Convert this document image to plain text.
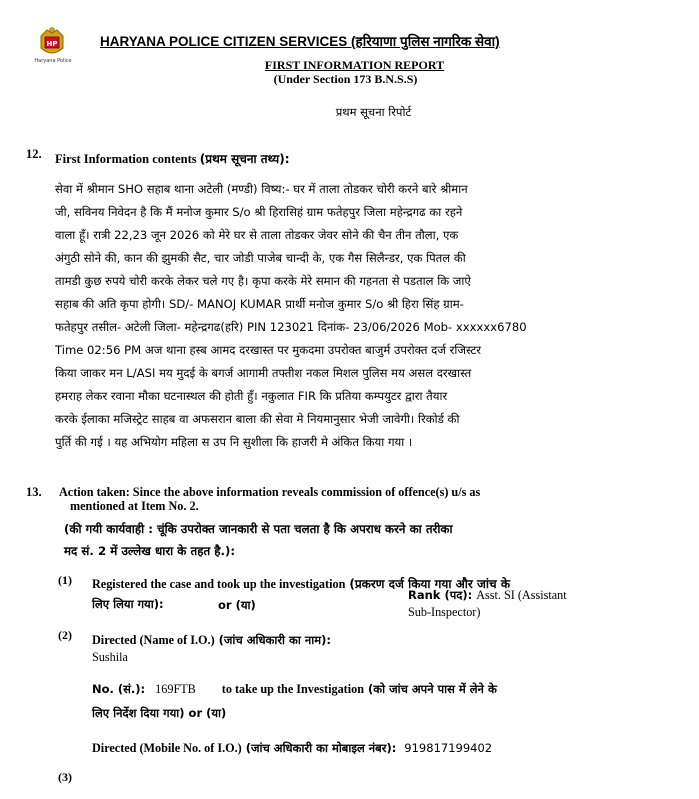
HP
Haryana Police
HARYANA POLICE CITIZEN SERVICES (हरियाणा पुलिस नागरिक सेवा)
FIRST INFORMATION REPORT
(Under Section 173 B.N.S.S)
प्रथम सूचना रिपोर्ट
12. First Information contents (प्रथम सूचना तथ्य):
सेवा में श्रीमान SHO सहाब थाना अटेली (मण्डी) विष्य:- घर में ताला तोडकर चोरी करने बारे श्रीमान
जी, सविनय निवेदन है कि मैं मनोज कुमार S/o श्री हिरासिहं ग्राम फतेहपुर जिला महेन्द्रगढ का रहने
वाला हूँ। रात्री 22,23 जून 2026 को मेरे घर से ताला तोडकर जेवर सोने की चैन तीन तौला, एक
अंगुठी सोने की, कान की झुमकी सैट, चार जोडी पाजेब चान्दी के, एक गैस सिलैन्डर, एक पितल की
तामडी कुछ रुपये चोरी करके लेकर चले गए है। कृपा करके मेरे समान की गहनता से पडताल कि जाऐ
सहाब की अति कृपा होगी। SD/- MANOJ KUMAR प्रार्थी मनोज कुमार S/o श्री हिरा सिंह ग्राम-
फतेहपुर तसील- अटेली जिला- महेन्द्रगढ(हरि) PIN 123021 दिनांक- 23/06/2026 Mob- xxxxxx6780
Time 02:56 PM अज थाना हस्ब आमद दरखास्त पर मुकदमा उपरोक्त बाजुर्म उपरोक्त दर्ज रजिस्टर
किया जाकर मन L/ASI मय मुदई के बगर्ज आगामी तफ्तीश नकल मिशल पुलिस मय असल दरखास्त
हमराह लेकर रवाना मौका घटनास्थल की होती हुँ। नकुलात FIR कि प्रतिया कम्पयुटर द्वारा तैयार
करके ईलाका मजिस्ट्रेट साहब वा अफसरान बाला की सेवा मे नियमानुसार भेजी जावेगी। रिकोर्ड की
पुर्ति की गई । यह अभियोग महिला स उप नि सुशीला कि हाजरी मे अंकित किया गया ।
13. Action taken: Since the above information reveals commission of offence(s) u/s as
mentioned at Item No. 2.
(की गयी कार्यवाही : चूंकि उपरोक्त जानकारी से पता चलता है कि अपराध करने का तरीका
मद सं. 2 में उल्लेख धारा के तहत है.):
(1) Registered the case and took up the investigation (प्रकरण दर्ज किया गया और जांच के
लिए लिया गया):	or (या)
Rank (पद): Asst. SI (Assistant
Sub-Inspector)
(2) Directed (Name of I.O.) (जांच अधिकारी का नाम):
Sushila
No. (सं.): 169FTB to take up the Investigation (को जांच अपने पास में लेने के
लिए निर्देश दिया गया) or (या)
Directed (Mobile No. of I.O.) (जांच अधिकारी का मोबाइल नंबर): 919817199402
(3)
